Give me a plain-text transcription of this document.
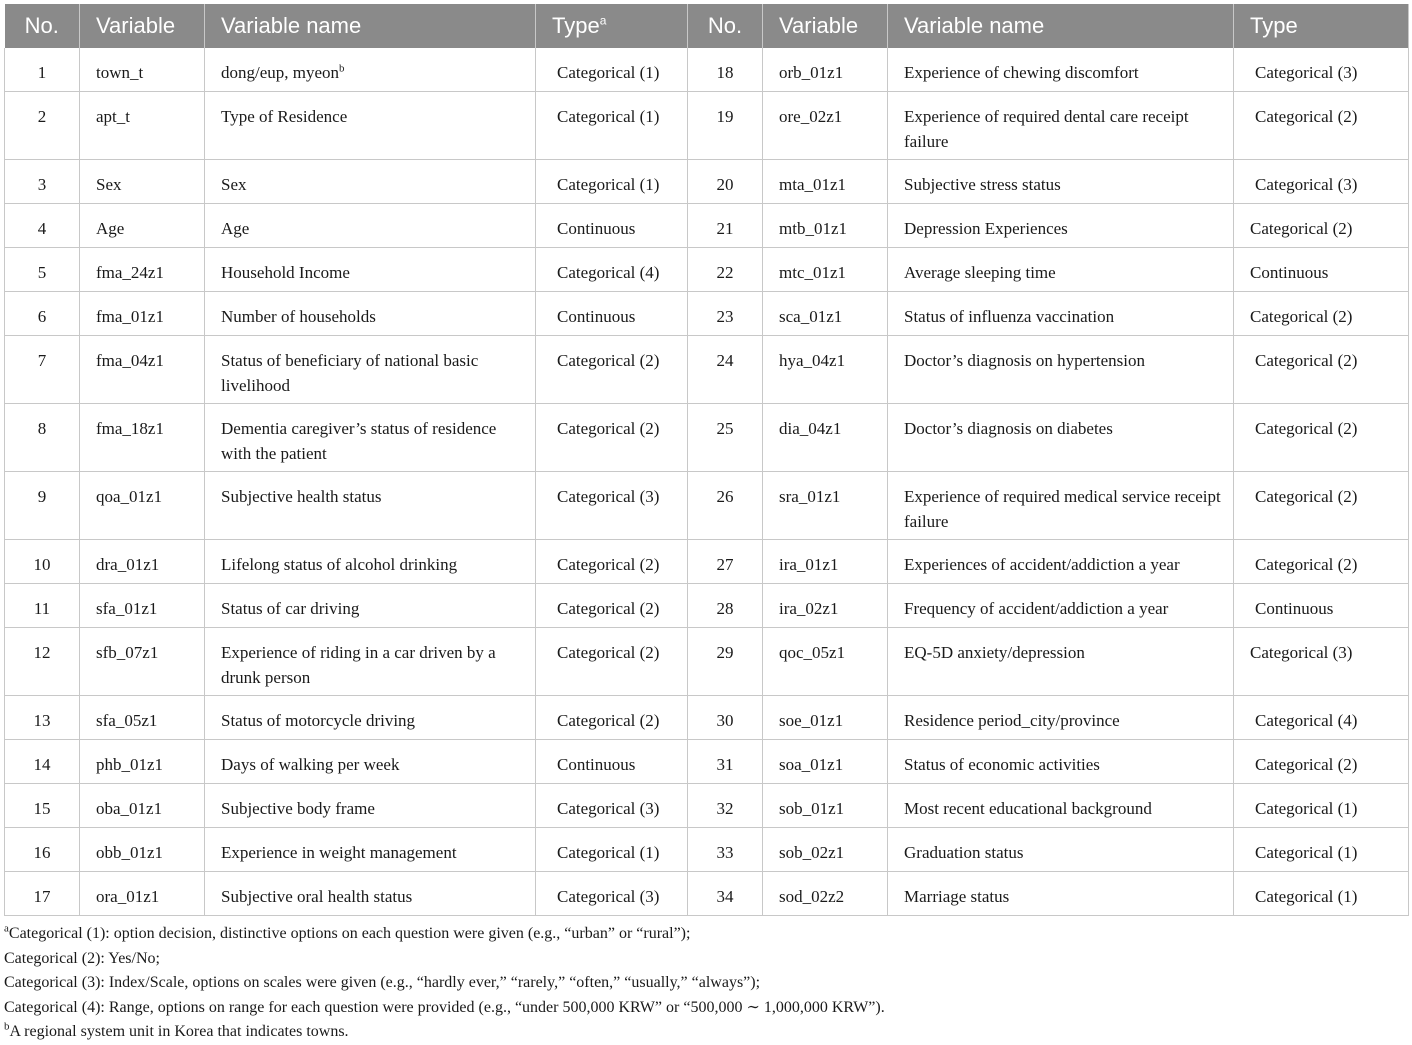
No.	Variable	Variable name	Type$^a$	No.	Variable	Variable name	Type
1	town_t	dong/eup, myeon$^b$	Categorical (1)	18	orb_01z1	Experience of chewing discomfort	Categorical (3)
2	apt_t	Type of Residence	Categorical (1)	19	ore_02z1	Experience of required dental care receipt failure	Categorical (2)
3	Sex	Sex	Categorical (1)	20	mta_01z1	Subjective stress status	Categorical (3)
4	Age	Age	Continuous	21	mtb_01z1	Depression Experiences	Categorical (2)
5	fma_24z1	Household Income	Categorical (4)	22	mtc_01z1	Average sleeping time	Continuous
6	fma_01z1	Number of households	Continuous	23	sca_01z1	Status of influenza vaccination	Categorical (2)
7	fma_04z1	Status of beneficiary of national basic livelihood	Categorical (2)	24	hya_04z1	Doctor’s diagnosis on hypertension	Categorical (2)
8	fma_18z1	Dementia caregiver’s status of residence with the patient	Categorical (2)	25	dia_04z1	Doctor’s diagnosis on diabetes	Categorical (2)
9	qoa_01z1	Subjective health status	Categorical (3)	26	sra_01z1	Experience of required medical service receipt failure	Categorical (2)
10	dra_01z1	Lifelong status of alcohol drinking	Categorical (2)	27	ira_01z1	Experiences of accident/addiction a year	Categorical (2)
11	sfa_01z1	Status of car driving	Categorical (2)	28	ira_02z1	Frequency of accident/addiction a year	Continuous
12	sfb_07z1	Experience of riding in a car driven by a drunk person	Categorical (2)	29	qoc_05z1	EQ-5D anxiety/depression	Categorical (3)
13	sfa_05z1	Status of motorcycle driving	Categorical (2)	30	soe_01z1	Residence period_city/province	Categorical (4)
14	phb_01z1	Days of walking per week	Continuous	31	soa_01z1	Status of economic activities	Categorical (2)
15	oba_01z1	Subjective body frame	Categorical (3)	32	sob_01z1	Most recent educational background	Categorical (1)
16	obb_01z1	Experience in weight management	Categorical (1)	33	sob_02z1	Graduation status	Categorical (1)
17	ora_01z1	Subjective oral health status	Categorical (3)	34	sod_02z2	Marriage status	Categorical (1)
$^a$Categorical (1): option decision, distinctive options on each question were given (e.g., “urban” or “rural”);
Categorical (2): Yes/No;
Categorical (3): Index/Scale, options on scales were given (e.g., “hardly ever,” “rarely,” “often,” “usually,” “always”);
Categorical (4): Range, options on range for each question were provided (e.g., “under 500,000 KRW” or “500,000 ∼ 1,000,000 KRW”).
$^b$A regional system unit in Korea that indicates towns.
